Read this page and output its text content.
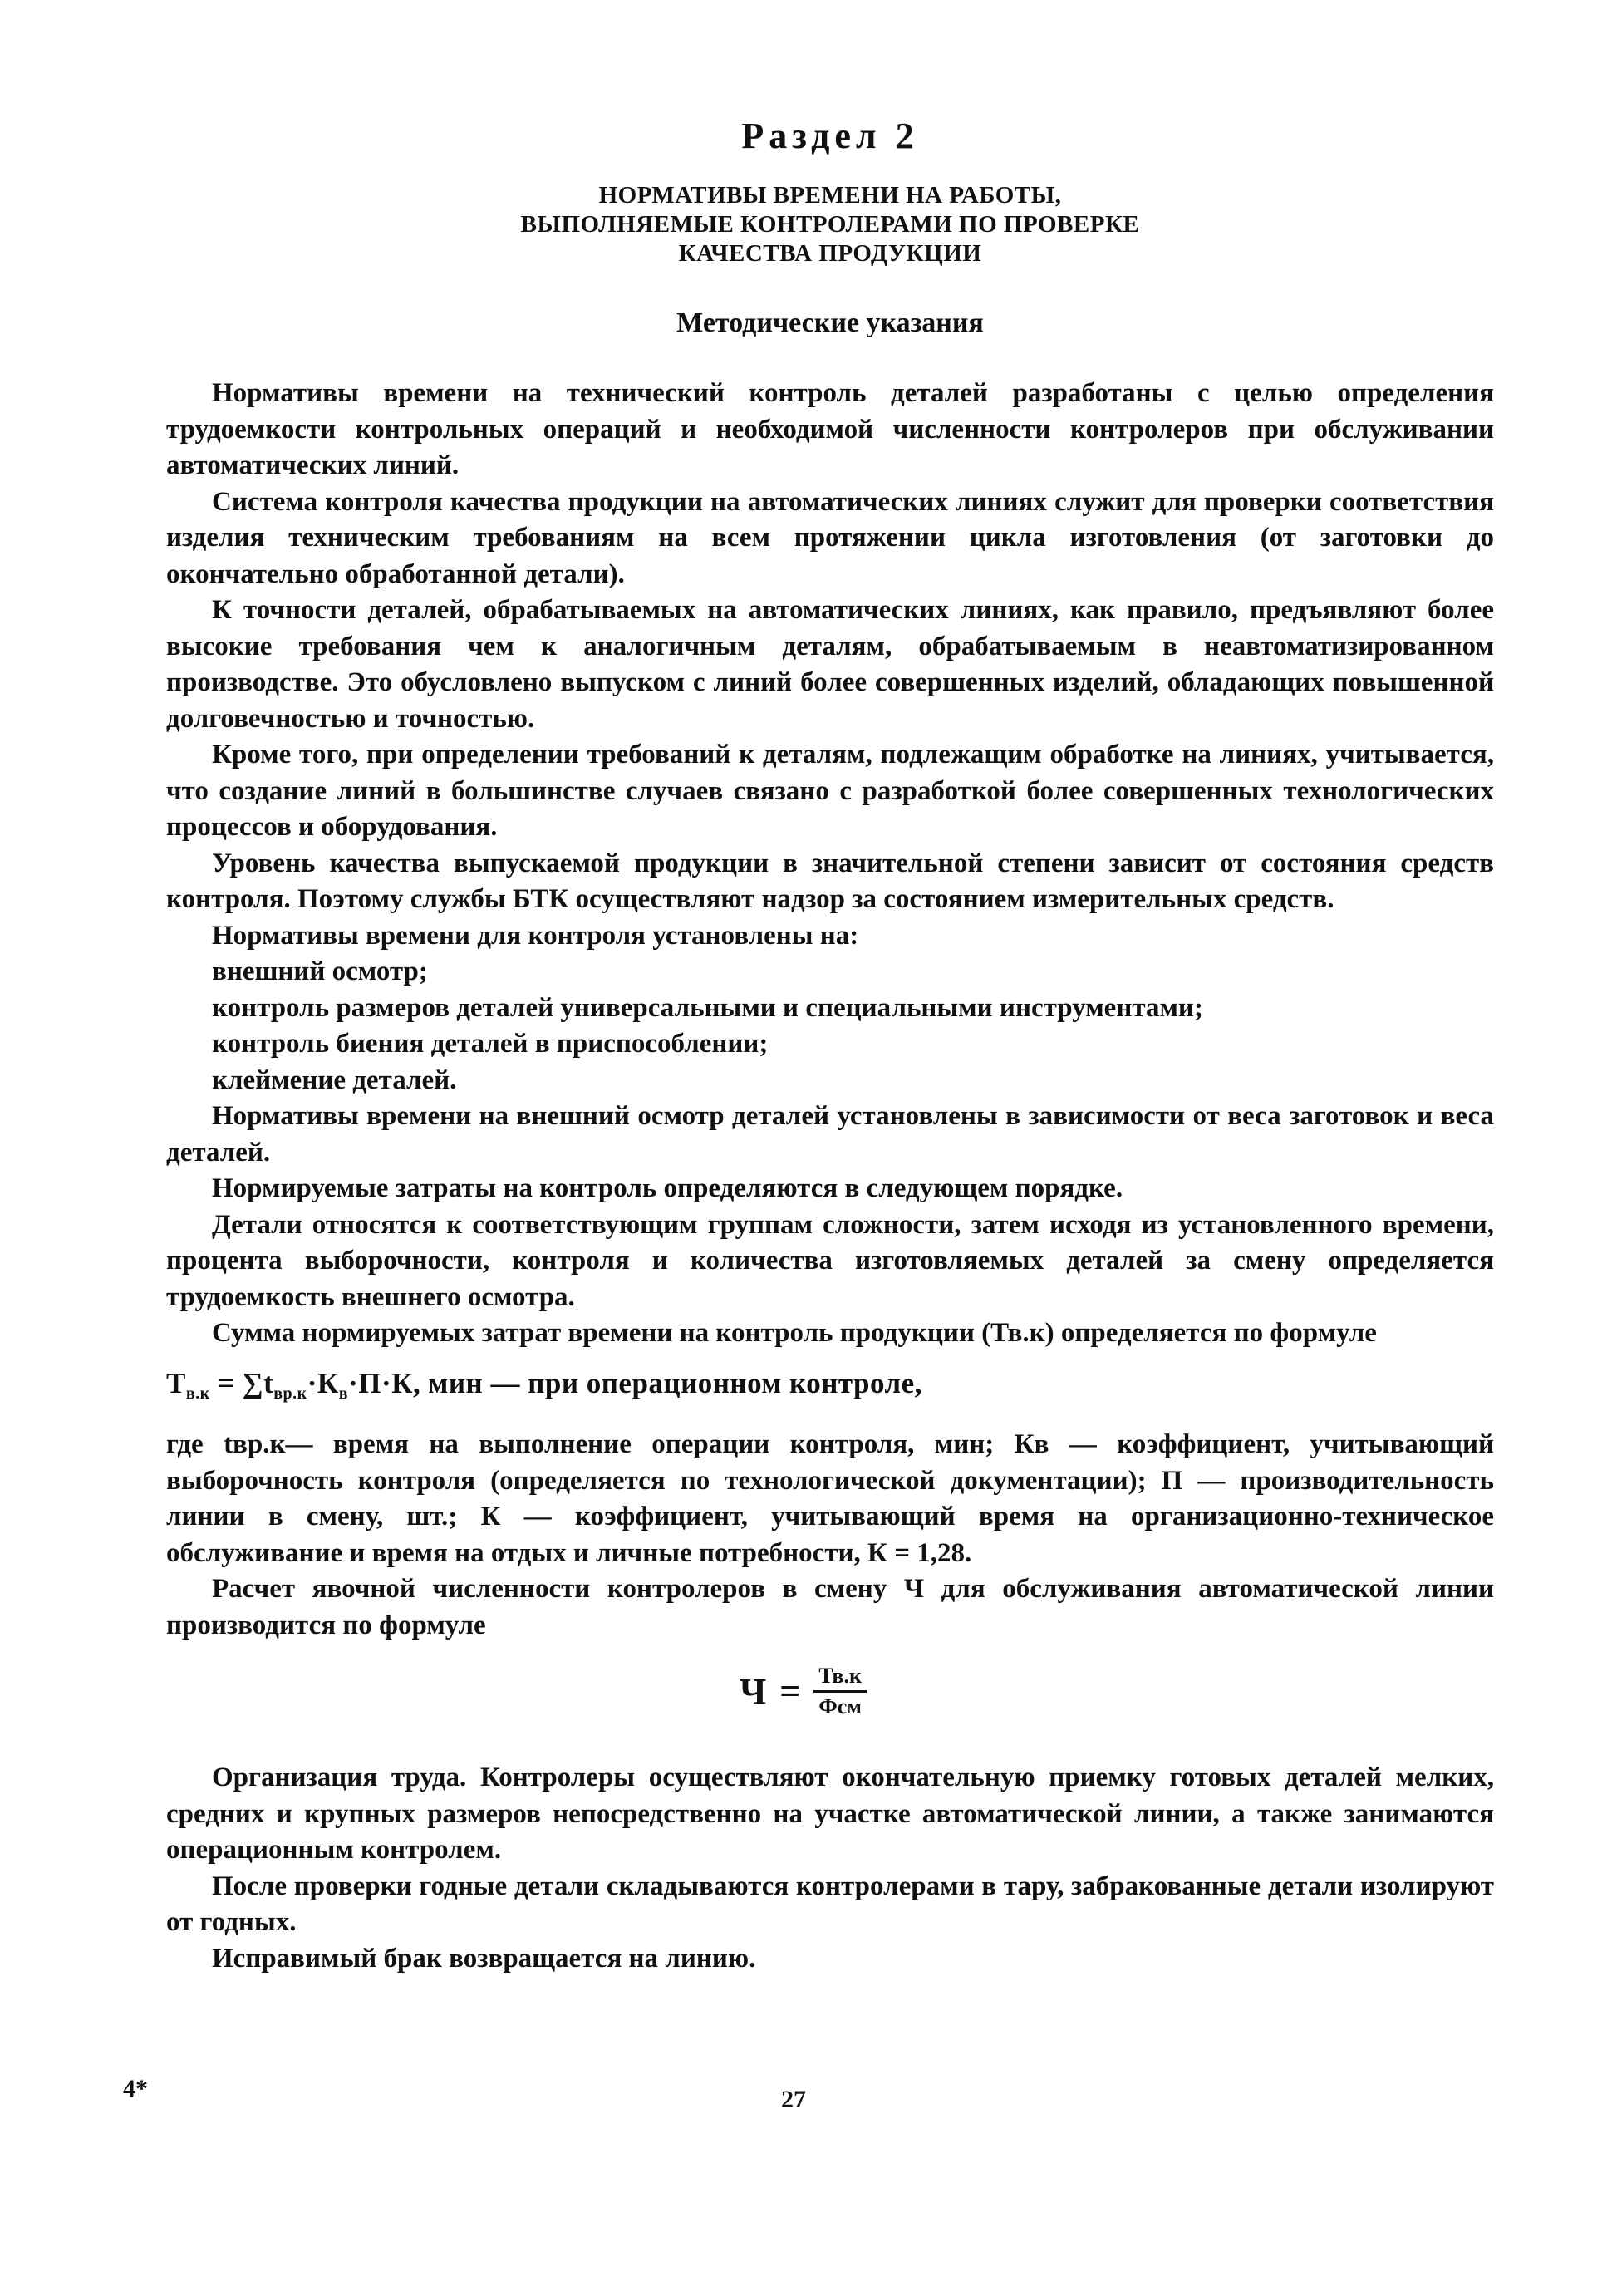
Раздел 2
НОРМАТИВЫ ВРЕМЕНИ НА РАБОТЫ,
ВЫПОЛНЯЕМЫЕ КОНТРОЛЕРАМИ ПО ПРОВЕРКЕ
КАЧЕСТВА ПРОДУКЦИИ
Методические указания

Нормативы времени на технический контроль деталей разработаны с целью определения трудоемкости контрольных операций и необходимой численности контролеров при обслуживании автоматических линий.

Система контроля качества продукции на автоматических линиях служит для проверки соответствия изделия техническим требованиям на всем протяжении цикла изготовления (от заготовки до окончательно обработанной детали).

К точности деталей, обрабатываемых на автоматических линиях, как правило, предъявляют более высокие требования чем к аналогичным деталям, обрабатываемым в неавтоматизированном производстве. Это обусловлено выпуском с линий более совершенных изделий, обладающих повышенной долговечностью и точностью.

Кроме того, при определении требований к деталям, подлежащим обработке на линиях, учитывается, что создание линий в большинстве случаев связано с разработкой более совершенных технологических процессов и оборудования.

Уровень качества выпускаемой продукции в значительной степени зависит от состояния средств контроля. Поэтому службы БТК осуществляют надзор за состоянием измерительных средств.

Нормативы времени для контроля установлены на:

внешний осмотр;

контроль размеров деталей универсальными и специальными инструментами;

контроль биения деталей в приспособлении;

клеймение деталей.

Нормативы времени на внешний осмотр деталей установлены в зависимости от веса заготовок и веса деталей.

Нормируемые затраты на контроль определяются в следующем порядке.

Детали относятся к соответствующим группам сложности, затем исходя из установленного времени, процента выборочности, контроля и количества изготовляемых деталей за смену определяется трудоемкость внешнего осмотра.

Сумма нормируемых затрат времени на контроль продукции (Тв.к) определяется по формуле

$Т_{в.к} = \sum t_{вр.к}\cdot К_в\cdot П\cdot К$, мин — при операционном контроле,

где tвр.к— время на выполнение операции контроля, мин; Кв — коэффициент, учитывающий выборочность контроля (определяется по технологической документации); П — производительность линии в смену, шт.; К — коэффициент, учитывающий время на организационно-техническое обслуживание и время на отдых и личные потребности, К = 1,28.

Расчет явочной численности контролеров в смену Ч для обслуживания автоматической линии производится по формуле

$Ч = \frac{Тв.к}{\text{Фсм}}$

Организация труда. Контролеры осуществляют окончательную приемку готовых деталей мелких, средних и крупных размеров непосредственно на участке автоматической линии, а также занимаются операционным контролем.

После проверки годные детали складываются контролерами в тару, забракованные детали изолируют от годных.

Исправимый брак возвращается на линию.

4*	27
